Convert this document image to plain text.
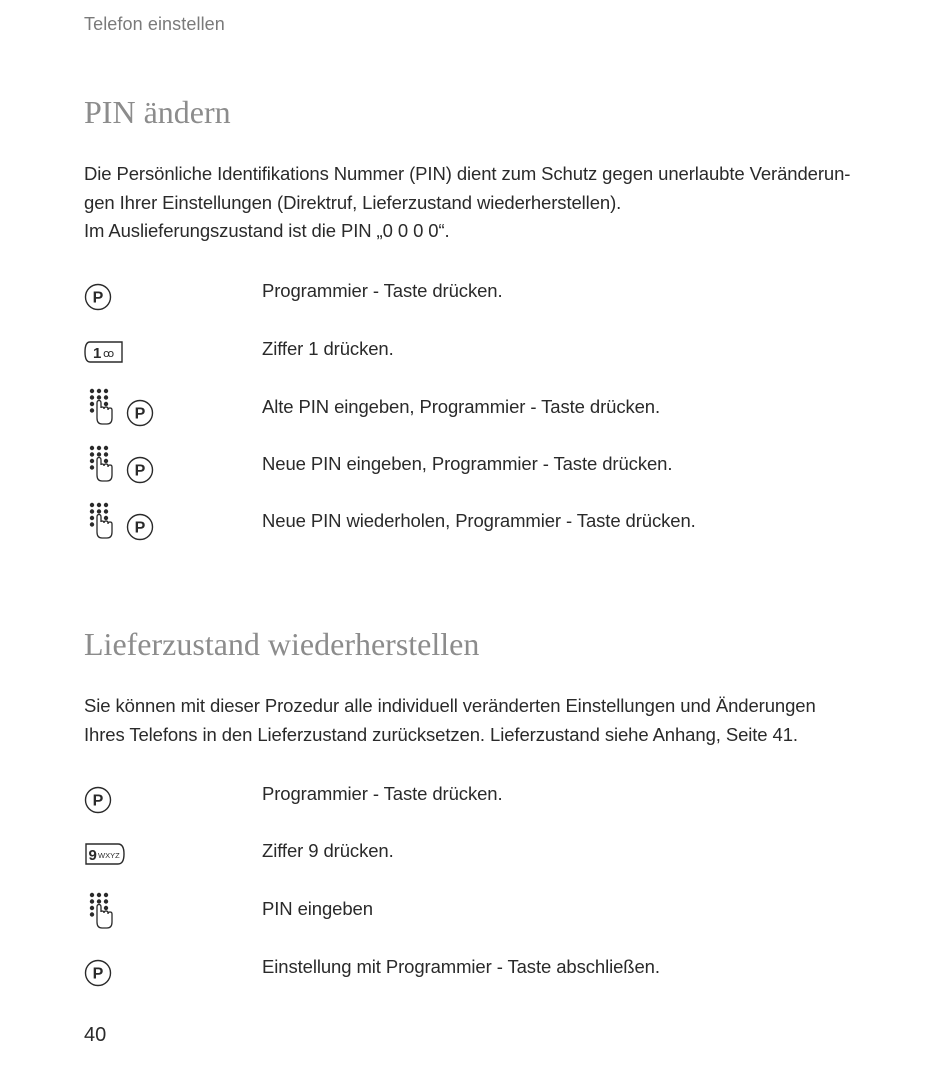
Telefon einstellen
PIN ändern

Die Persönliche Identifikations Nummer (PIN) dient zum Schutz gegen unerlaubte Veränderun-

gen Ihrer Einstellungen (Direktruf, Lieferzustand wiederherstellen).

Im Auslieferungszustand ist die PIN „0 0 0 0“.

P	Programmier - Taste drücken.
1 ꝏ	Ziffer 1 drücken.
P	Alte PIN eingeben, Programmier - Taste drücken.
P	Neue PIN eingeben, Programmier - Taste drücken.
P	Neue PIN wiederholen, Programmier - Taste drücken.
Lieferzustand wiederherstellen

Sie können mit dieser Prozedur alle individuell veränderten Einstellungen und Änderungen

Ihres Telefons in den Lieferzustand zurücksetzen. Lieferzustand siehe Anhang, Seite 41.

P	Programmier - Taste drücken.
9 WXYZ	Ziffer 9 drücken.
PIN eingeben
P	Einstellung mit Programmier - Taste abschließen.
40
